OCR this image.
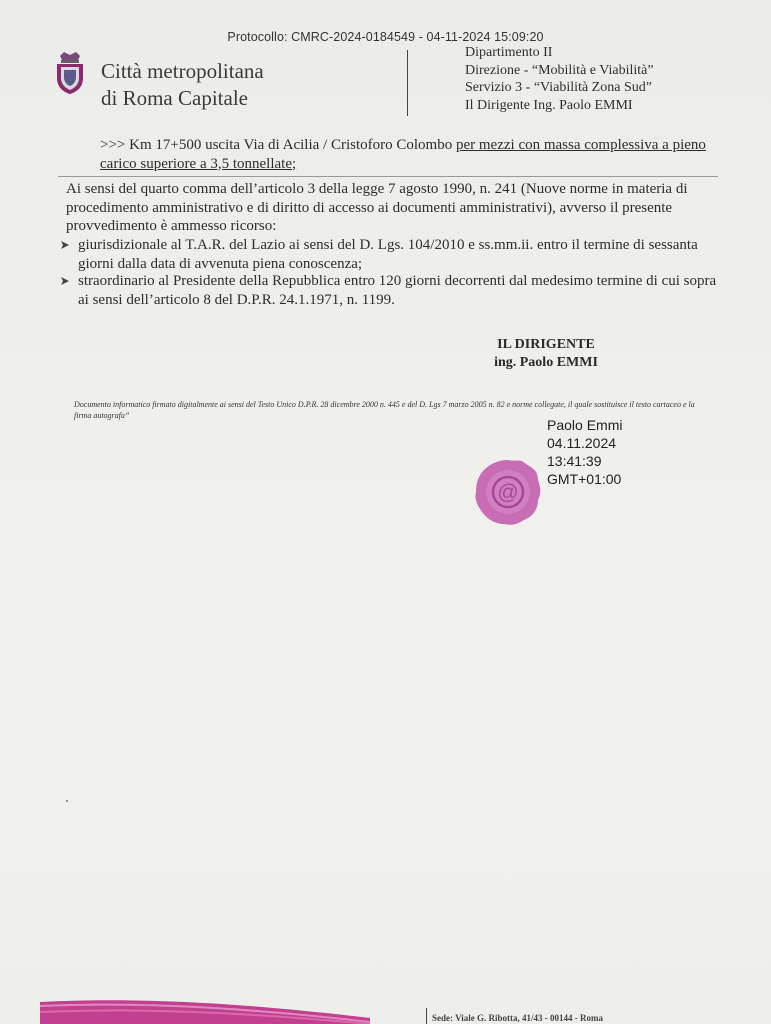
Protocollo: CMRC-2024-0184549 - 04-11-2024 15:09:20
Città metropolitana
di Roma Capitale
Dipartimento II
Direzione - “Mobilità e Viabilità”
Servizio 3 - “Viabilità Zona Sud”
Il Dirigente Ing. Paolo EMMI
>>> Km 17+500 uscita Via di Acilia / Cristoforo Colombo per mezzi con massa complessiva a pieno carico superiore a 3,5 tonnellate;
Ai sensi del quarto comma dell’articolo 3 della legge 7 agosto 1990, n. 241 (Nuove norme in materia di procedimento amministrativo e di diritto di accesso ai documenti amministrativi), avverso il presente provvedimento è ammesso ricorso:
giurisdizionale al T.A.R. del Lazio ai sensi del D. Lgs. 104/2010 e ss.mm.ii. entro il termine di sessanta giorni dalla data di avvenuta piena conoscenza;
straordinario al Presidente della Repubblica entro 120 giorni decorrenti dal medesimo termine di cui sopra ai sensi dell’articolo 8 del D.P.R. 24.1.1971, n. 1199.
IL DIRIGENTE
ing. Paolo EMMI
Documento informatico firmato digitalmente ai sensi del Testo Unico D.P.R. 28 dicembre 2000 n. 445 e del D. Lgs 7 marzo 2005 n. 82 e norme collegate, il quale sostituisce il testo cartaceo e la firma autografa”
Paolo Emmi
04.11.2024
13:41:39
GMT+01:00
@
Sede: Viale G. Ribotta, 41/43 - 00144 - Roma
